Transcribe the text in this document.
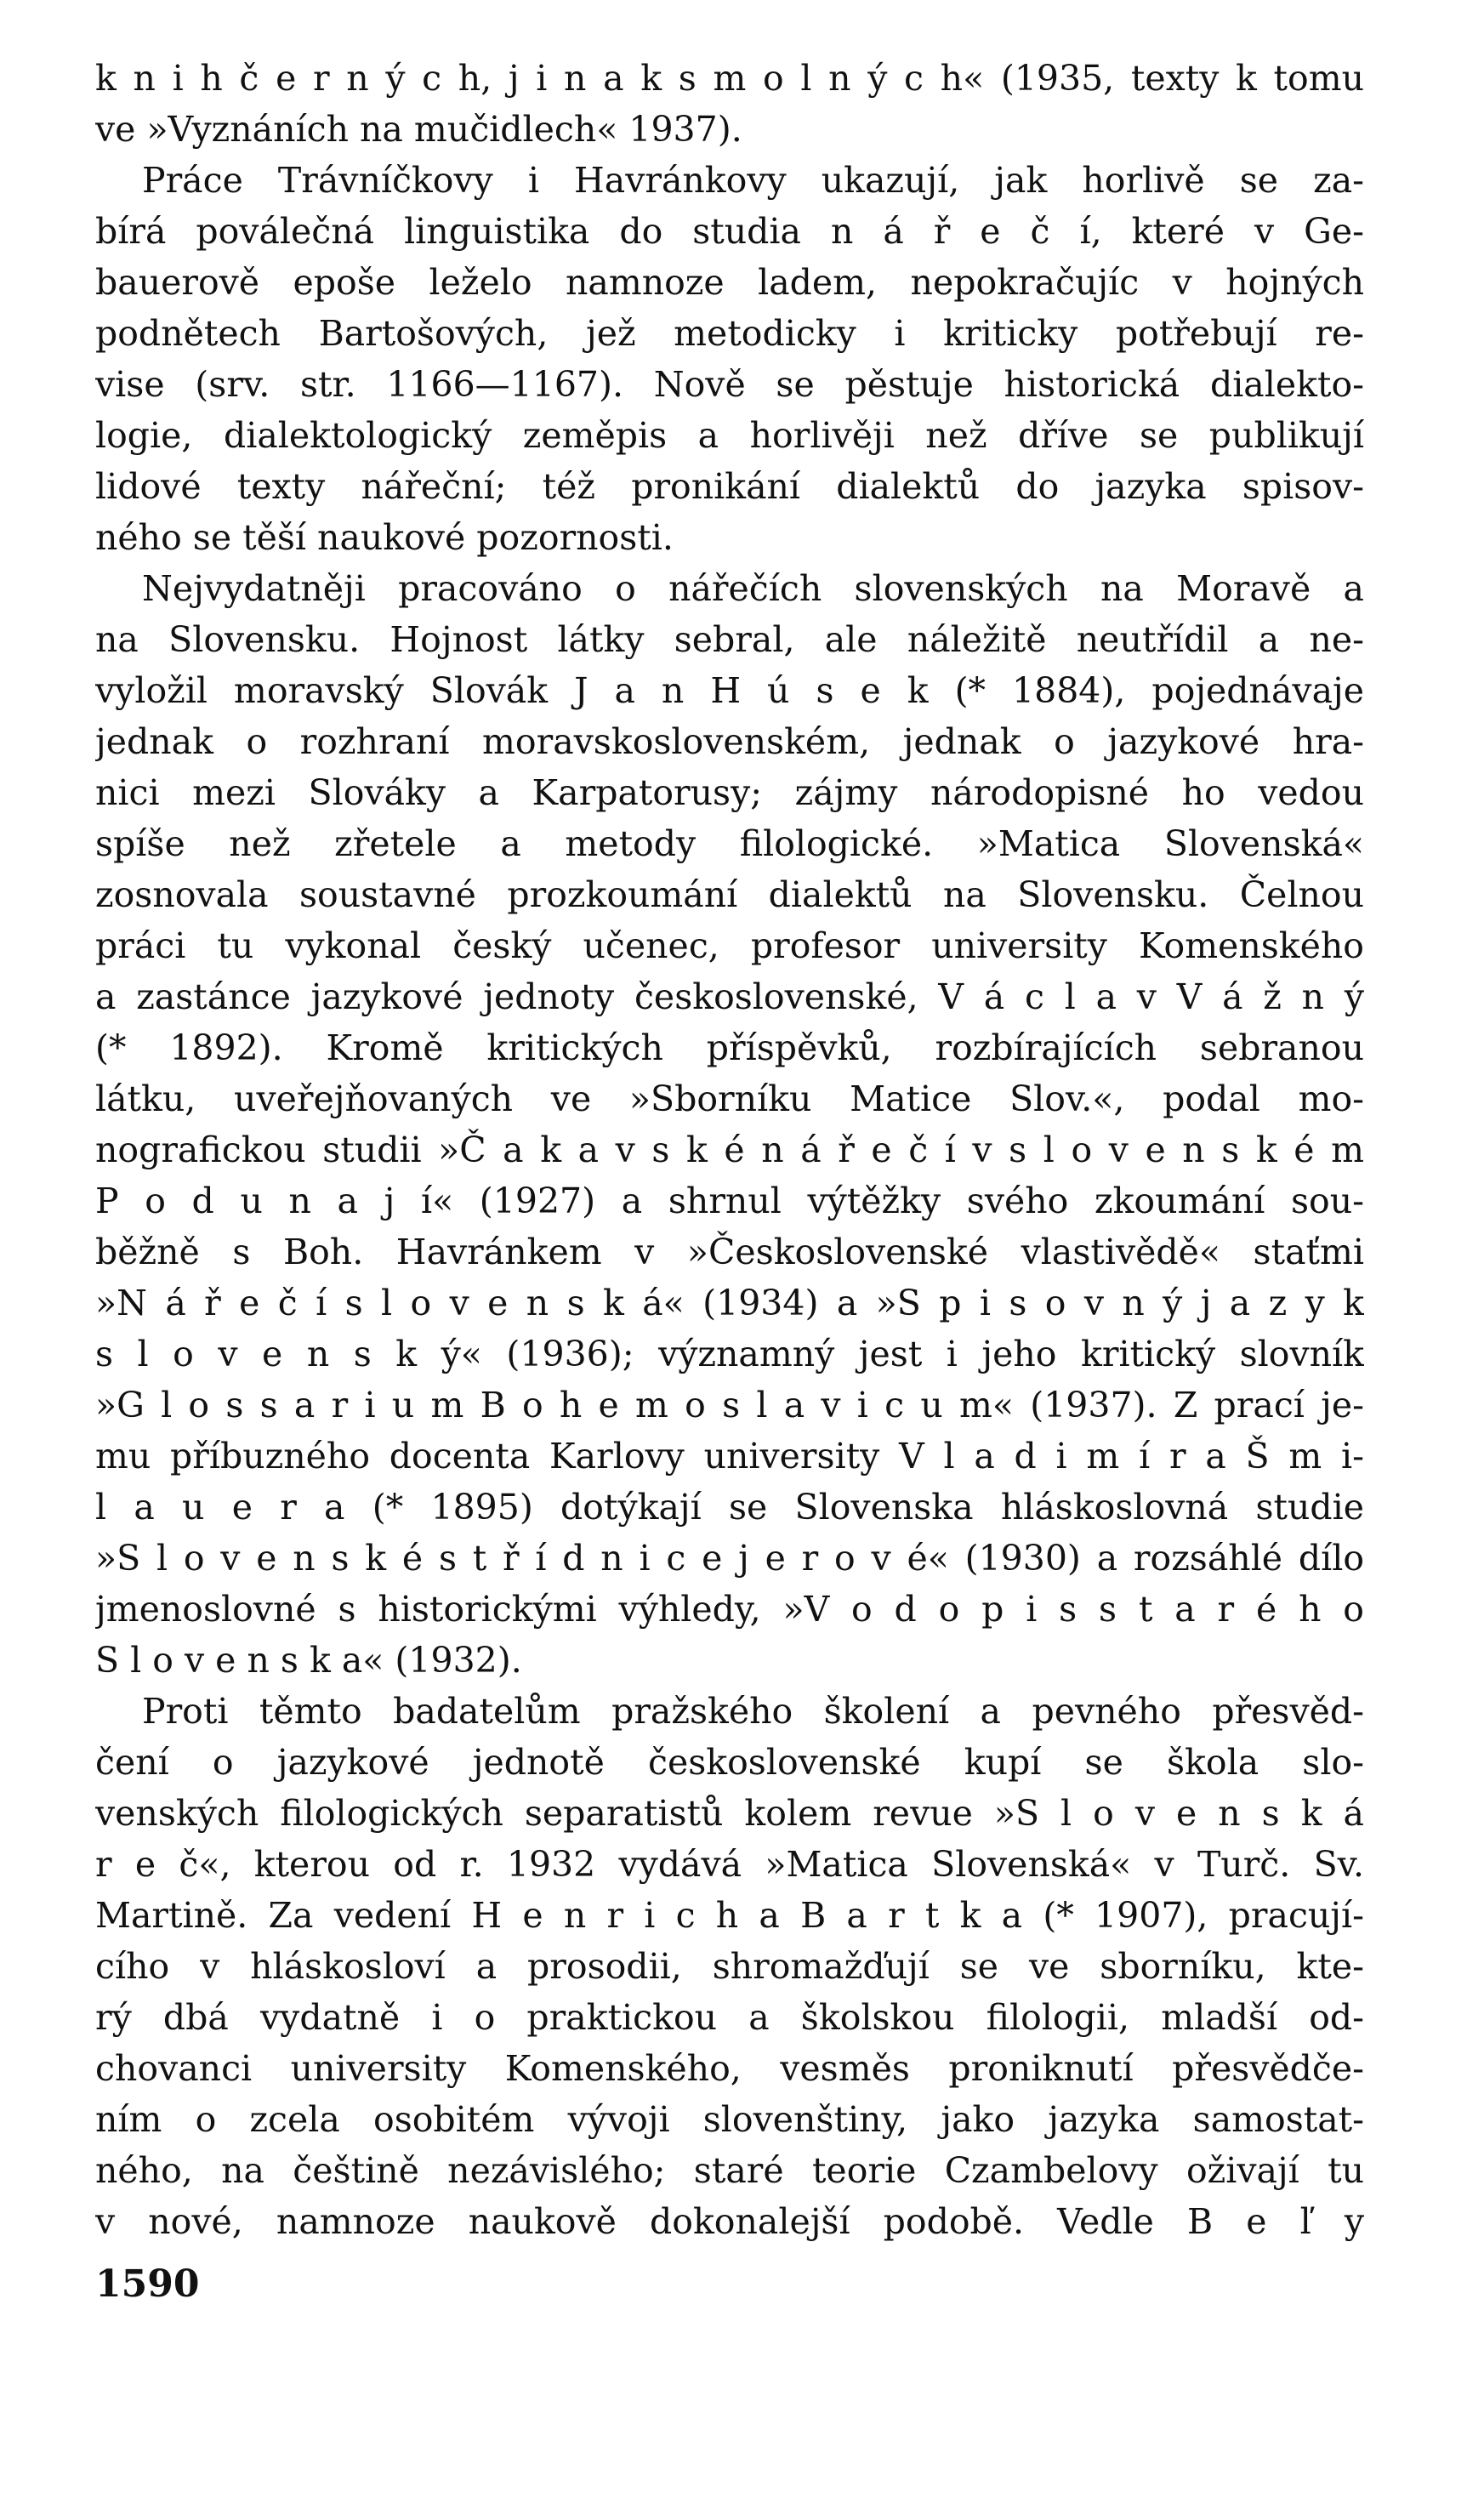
k n i h č e r n ý c h, j i n a k s m o l n ý c h« (1935, texty k tomu
ve »Vyznáních na mučidlech« 1937).
Práce Trávníčkovy i Havránkovy ukazují, jak horlivě se za-
bírá poválečná linguistika do studia n á ř e č í, které v Ge-
bauerově epoše leželo namnoze ladem, nepokračujíc v hojných
podnětech Bartošových, jež metodicky i kriticky potřebují re-
vise (srv. str. 1166—1167). Nově se pěstuje historická dialekto-
logie, dialektologický zeměpis a horlivěji než dříve se publikují
lidové texty nářeční; též pronikání dialektů do jazyka spisov-
ného se těší naukové pozornosti.
Nejvydatněji pracováno o nářečích slovenských na Moravě a
na Slovensku. Hojnost látky sebral, ale náležitě neutřídil a ne-
vyložil moravský Slovák J a n H ú s e k (* 1884), pojednávaje
jednak o rozhraní moravskoslovenském, jednak o jazykové hra-
nici mezi Slováky a Karpatorusy; zájmy národopisné ho vedou
spíše než zřetele a metody filologické. »Matica Slovenská«
zosnovala soustavné prozkoumání dialektů na Slovensku. Čelnou
práci tu vykonal český učenec, profesor university Komenského
a zastánce jazykové jednoty československé, V á c l a v V á ž n ý
(* 1892). Kromě kritických příspěvků, rozbírajících sebranou
látku, uveřejňovaných ve »Sborníku Matice Slov.«, podal mo-
nografickou studii »Č a k a v s k é n á ř e č í v s l o v e n s k é m
P o d u n a j í« (1927) a shrnul výtěžky svého zkoumání sou-
běžně s Boh. Havránkem v »Československé vlastivědě« staťmi
»N á ř e č í s l o v e n s k á« (1934) a »S p i s o v n ý j a z y k
s l o v e n s k ý« (1936); významný jest i jeho kritický slovník
»G l o s s a r i u m B o h e m o s l a v i c u m« (1937). Z prací je-
mu příbuzného docenta Karlovy university V l a d i m í r a Š m i-
l a u e r a (* 1895) dotýkají se Slovenska hláskoslovná studie
»S l o v e n s k é s t ř í d n i c e j e r o v é« (1930) a rozsáhlé dílo
jmenoslovné s historickými výhledy, »V o d o p i s s t a r é h o
S l o v e n s k a« (1932).
Proti těmto badatelům pražského školení a pevného přesvěd-
čení o jazykové jednotě československé kupí se škola slo-
venských filologických separatistů kolem revue »S l o v e n s k á
r e č«, kterou od r. 1932 vydává »Matica Slovenská« v Turč. Sv.
Martině. Za vedení H e n r i c h a B a r t k a (* 1907), pracují-
cího v hláskosloví a prosodii, shromažďují se ve sborníku, kte-
rý dbá vydatně i o praktickou a školskou filologii, mladší od-
chovanci university Komenského, vesměs proniknutí přesvědče-
ním o zcela osobitém vývoji slovenštiny, jako jazyka samostat-
ného, na češtině nezávislého; staré teorie Czambelovy oživají tu
v nové, namnoze naukově dokonalejší podobě. Vedle B e ľ y
1590
